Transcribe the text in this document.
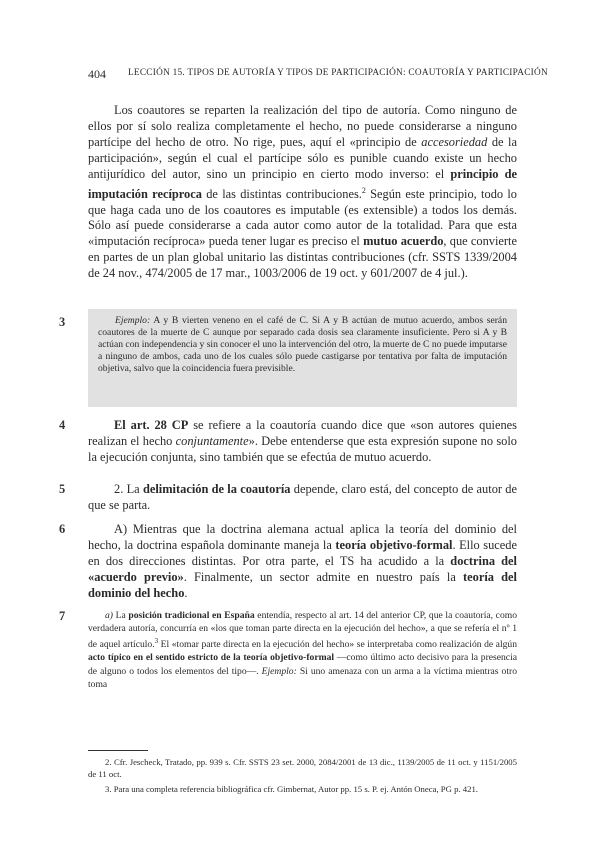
404 LECCIÓN 15. TIPOS DE AUTORÍA Y TIPOS DE PARTICIPACIÓN: COAUTORÍA Y PARTICIPACIÓN

Los coautores se reparten la realización del tipo de autoría. Como ninguno de ellos por sí solo realiza completamente el hecho, no puede considerarse a ninguno partícipe del hecho de otro. No rige, pues, aquí el «principio de accesoriedad de la participación», según el cual el partícipe sólo es punible cuando existe un hecho antijurídico del autor, sino un principio en cierto modo inverso: el principio de imputación recíproca de las distintas contribuciones.$^2$ Según este principio, todo lo que haga cada uno de los coautores es imputable (es extensible) a todos los demás. Sólo así puede considerarse a cada autor como autor de la totalidad. Para que esta «imputación recíproca» pueda tener lugar es preciso el mutuo acuerdo, que convierte en partes de un plan global unitario las distintas contribuciones (cfr. SSTS 1339/2004 de 24 nov., 474/2005 de 17 mar., 1003/2006 de 19 oct. y 601/2007 de 4 jul.).

3	Ejemplo: A y B vierten veneno en el café de C. Si A y B actúan de mutuo acuerdo, ambos serán coautores de la muerte de C aunque por separado cada dosis sea claramente insuficiente. Pero si A y B actúan con independencia y sin conocer el uno la intervención del otro, la muerte de C no puede imputarse a ninguno de ambos, cada uno de los cuales sólo puede castigarse por tentativa por falta de imputación objetiva, salvo que la coincidencia fuera previsible.

4	El art. 28 CP se refiere a la coautoría cuando dice que «son autores quienes realizan el hecho conjuntamente». Debe entenderse que esta expresión supone no solo la ejecución conjunta, sino también que se efectúa de mutuo acuerdo.

5	2. La delimitación de la coautoría depende, claro está, del concepto de autor de que se parta.

6	A) Mientras que la doctrina alemana actual aplica la teoría del dominio del hecho, la doctrina española dominante maneja la teoría objetivo-formal. Ello sucede en dos direcciones distintas. Por otra parte, el TS ha acudido a la doctrina del «acuerdo previo». Finalmente, un sector admite en nuestro país la teoría del dominio del hecho.

7	a) La posición tradicional en España entendía, respecto al art. 14 del anterior CP, que la coautoría, como verdadera autoría, concurría en «los que toman parte directa en la ejecución del hecho», a que se refería el nº 1 de aquel artículo.$^3$ El «tomar parte directa en la ejecución del hecho» se interpretaba como realización de algún acto típico en el sentido estricto de la teoría objetivo-formal —como último acto decisivo para la presencia de alguno o todos los elementos del tipo—. Ejemplo: Si uno amenaza con un arma a la víctima mientras otro toma

2. Cfr. Jescheck, Tratado, pp. 939 s. Cfr. SSTS 23 set. 2000, 2084/2001 de 13 dic., 1139/2005 de 11 oct. y 1151/2005 de 11 oct.

3. Para una completa referencia bibliográfica cfr. Gimbernat, Autor pp. 15 s. P. ej. Antón Oneca, PG p. 421.
